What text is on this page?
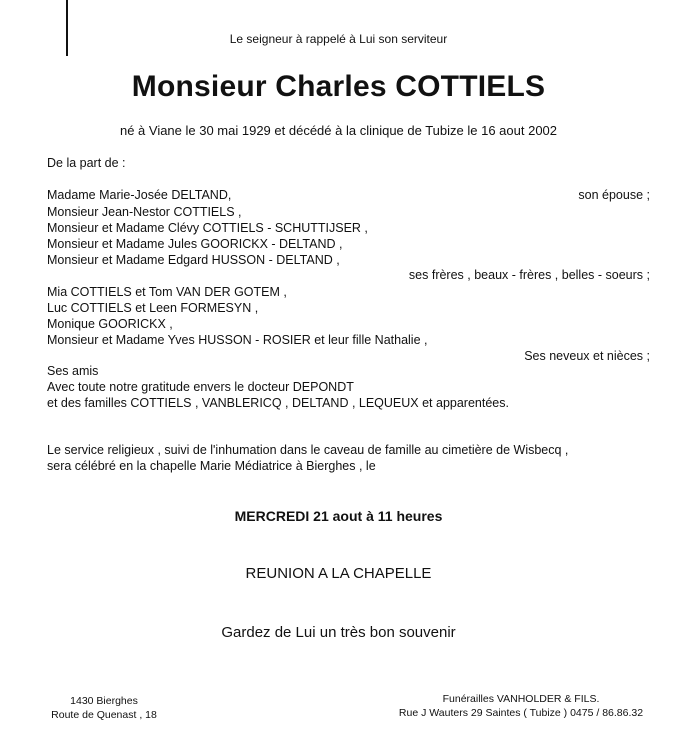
Le seigneur à rappelé à Lui son serviteur
Monsieur Charles COTTIELS
né à Viane le 30 mai 1929 et décédé à la clinique de Tubize le 16 aout 2002
De la part de :
Madame Marie-Josée DELTAND,	son épouse ;
Monsieur Jean-Nestor COTTIELS ,
Monsieur et Madame Clévy COTTIELS - SCHUTTIJSER ,
Monsieur et Madame Jules GOORICKX - DELTAND ,
Monsieur et Madame Edgard HUSSON - DELTAND ,
ses frères , beaux - frères , belles - soeurs ;
Mia COTTIELS et Tom VAN DER GOTEM ,
Luc COTTIELS et Leen FORMESYN ,
Monique GOORICKX ,
Monsieur et Madame Yves HUSSON - ROSIER et leur fille Nathalie ,
Ses neveux et nièces ;
Ses amis
Avec toute notre gratitude envers le docteur DEPONDT
et des familles COTTIELS , VANBLERICQ , DELTAND , LEQUEUX et apparentées.
Le service religieux , suivi de l'inhumation dans le caveau de famille au cimetière de Wisbecq ,
sera célébré en la chapelle Marie Médiatrice à Bierghes , le
MERCREDI 21 aout à 11 heures
REUNION A LA CHAPELLE
Gardez de Lui un très bon souvenir
1430 Bierghes
Route de Quenast , 18
Funérailles VANHOLDER & FILS.
Rue J Wauters 29 Saintes ( Tubize ) 0475 / 86.86.32
